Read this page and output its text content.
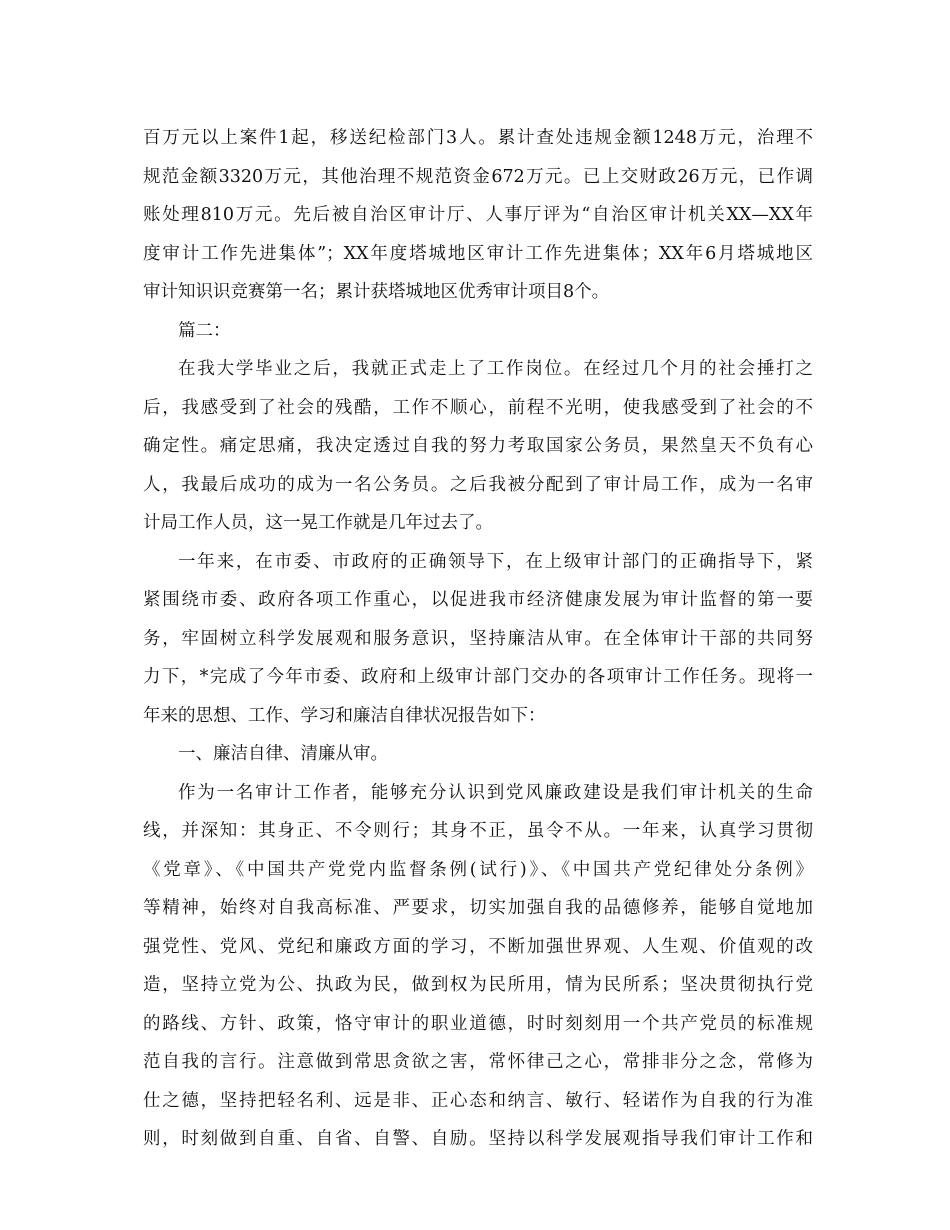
百万元以上案件1起，移送纪检部门3人。累计查处违规金额1248万元，治理不
规范金额3320万元，其他治理不规范资金672万元。已上交财政26万元，已作调
账处理810万元。先后被自治区审计厅、人事厅评为“自治区审计机关XX—XX年
度审计工作先进集体”；XX年度塔城地区审计工作先进集体；XX年6月塔城地区
审计知识识竞赛第一名；累计获塔城地区优秀审计项目8个。
篇二：
在我大学毕业之后，我就正式走上了工作岗位。在经过几个月的社会捶打之
后，我感受到了社会的残酷，工作不顺心，前程不光明，使我感受到了社会的不
确定性。痛定思痛，我决定透过自我的努力考取国家公务员，果然皇天不负有心
人，我最后成功的成为一名公务员。之后我被分配到了审计局工作，成为一名审
计局工作人员，这一晃工作就是几年过去了。
一年来，在市委、市政府的正确领导下，在上级审计部门的正确指导下，紧
紧围绕市委、政府各项工作重心，以促进我市经济健康发展为审计监督的第一要
务，牢固树立科学发展观和服务意识，坚持廉洁从审。在全体审计干部的共同努
力下，*完成了今年市委、政府和上级审计部门交办的各项审计工作任务。现将一
年来的思想、工作、学习和廉洁自律状况报告如下：
一、廉洁自律、清廉从审。
作为一名审计工作者，能够充分认识到党风廉政建设是我们审计机关的生命
线，并深知：其身正、不令则行；其身不正，虽令不从。一年来，认真学习贯彻
《党章》、《中国共产党党内监督条例(试行)》、《中国共产党纪律处分条例》
等精神，始终对自我高标准、严要求，切实加强自我的品德修养，能够自觉地加
强党性、党风、党纪和廉政方面的学习，不断加强世界观、人生观、价值观的改
造，坚持立党为公、执政为民，做到权为民所用，情为民所系；坚决贯彻执行党
的路线、方针、政策，恪守审计的职业道德，时时刻刻用一个共产党员的标准规
范自我的言行。注意做到常思贪欲之害，常怀律己之心，常排非分之念，常修为
仕之德，坚持把轻名利、远是非、正心态和纳言、敏行、轻诺作为自我的行为准
则，时刻做到自重、自省、自警、自励。坚持以科学发展观指导我们审计工作和
